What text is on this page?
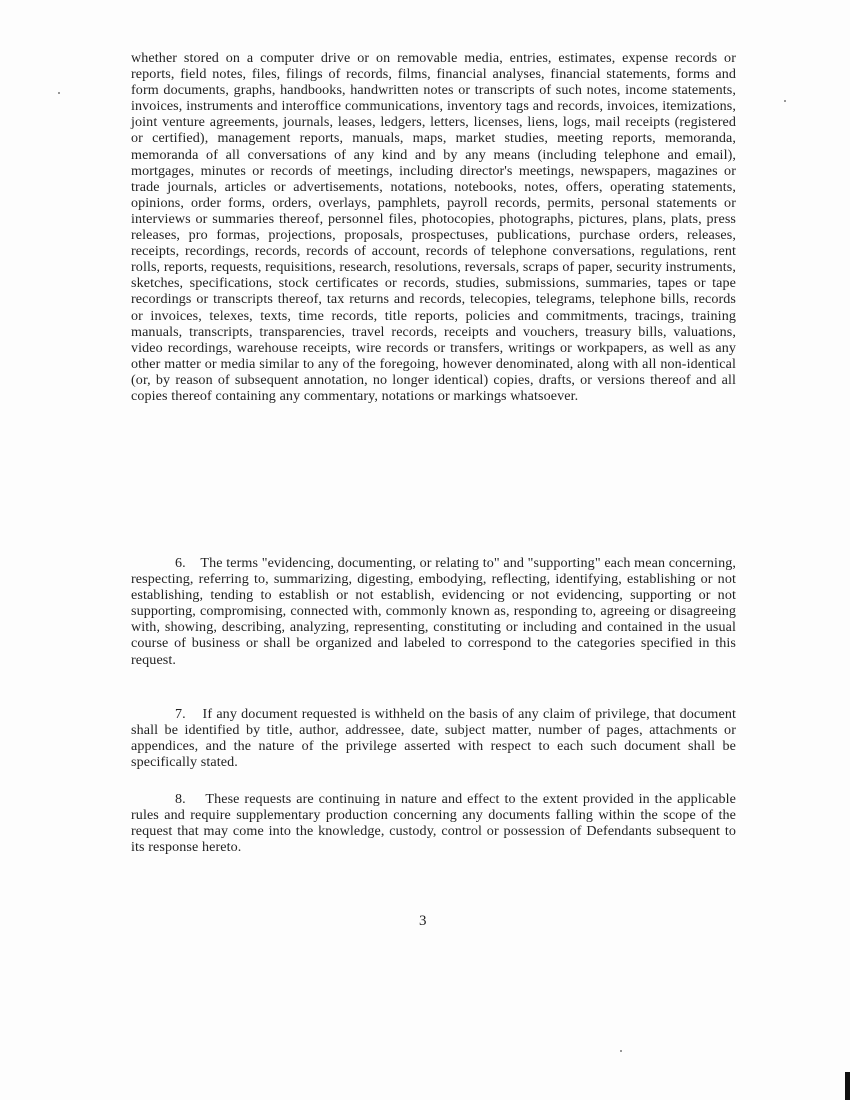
whether stored on a computer drive or on removable media, entries, estimates, expense records or reports, field notes, files, filings of records, films, financial analyses, financial statements, forms and form documents, graphs, handbooks, handwritten notes or transcripts of such notes, income statements, invoices, instruments and interoffice communications, inventory tags and records, invoices, itemizations, joint venture agreements, journals, leases, ledgers, letters, licenses, liens, logs, mail receipts (registered or certified), management reports, manuals, maps, market studies, meeting reports, memoranda, memoranda of all conversations of any kind and by any means (including telephone and email), mortgages, minutes or records of meetings, including director's meetings, newspapers, magazines or trade journals, articles or advertisements, notations, notebooks, notes, offers, operating statements, opinions, order forms, orders, overlays, pamphlets, payroll records, permits, personal statements or interviews or summaries thereof, personnel files, photocopies, photographs, pictures, plans, plats, press releases, pro formas, projections, proposals, prospectuses, publications, purchase orders, releases, receipts, recordings, records, records of account, records of telephone conversations, regulations, rent rolls, reports, requests, requisitions, research, resolutions, reversals, scraps of paper, security instruments, sketches, specifications, stock certificates or records, studies, submissions, summaries, tapes or tape recordings or transcripts thereof, tax returns and records, telecopies, telegrams, telephone bills, records or invoices, telexes, texts, time records, title reports, policies and commitments, tracings, training manuals, transcripts, transparencies, travel records, receipts and vouchers, treasury bills, valuations, video recordings, warehouse receipts, wire records or transfers, writings or workpapers, as well as any other matter or media similar to any of the foregoing, however denominated, along with all non-identical (or, by reason of subsequent annotation, no longer identical) copies, drafts, or versions thereof and all copies thereof containing any commentary, notations or markings whatsoever.

6. The terms "evidencing, documenting, or relating to" and "supporting" each mean concerning, respecting, referring to, summarizing, digesting, embodying, reflecting, identifying, establishing or not establishing, tending to establish or not establish, evidencing or not evidencing, supporting or not supporting, compromising, connected with, commonly known as, responding to, agreeing or disagreeing with, showing, describing, analyzing, representing, constituting or including and contained in the usual course of business or shall be organized and labeled to correspond to the categories specified in this request.

7. If any document requested is withheld on the basis of any claim of privilege, that document shall be identified by title, author, addressee, date, subject matter, number of pages, attachments or appendices, and the nature of the privilege asserted with respect to each such document shall be specifically stated.

8. These requests are continuing in nature and effect to the extent provided in the applicable rules and require supplementary production concerning any documents falling within the scope of the request that may come into the knowledge, custody, control or possession of Defendants subsequent to its response hereto.

3
